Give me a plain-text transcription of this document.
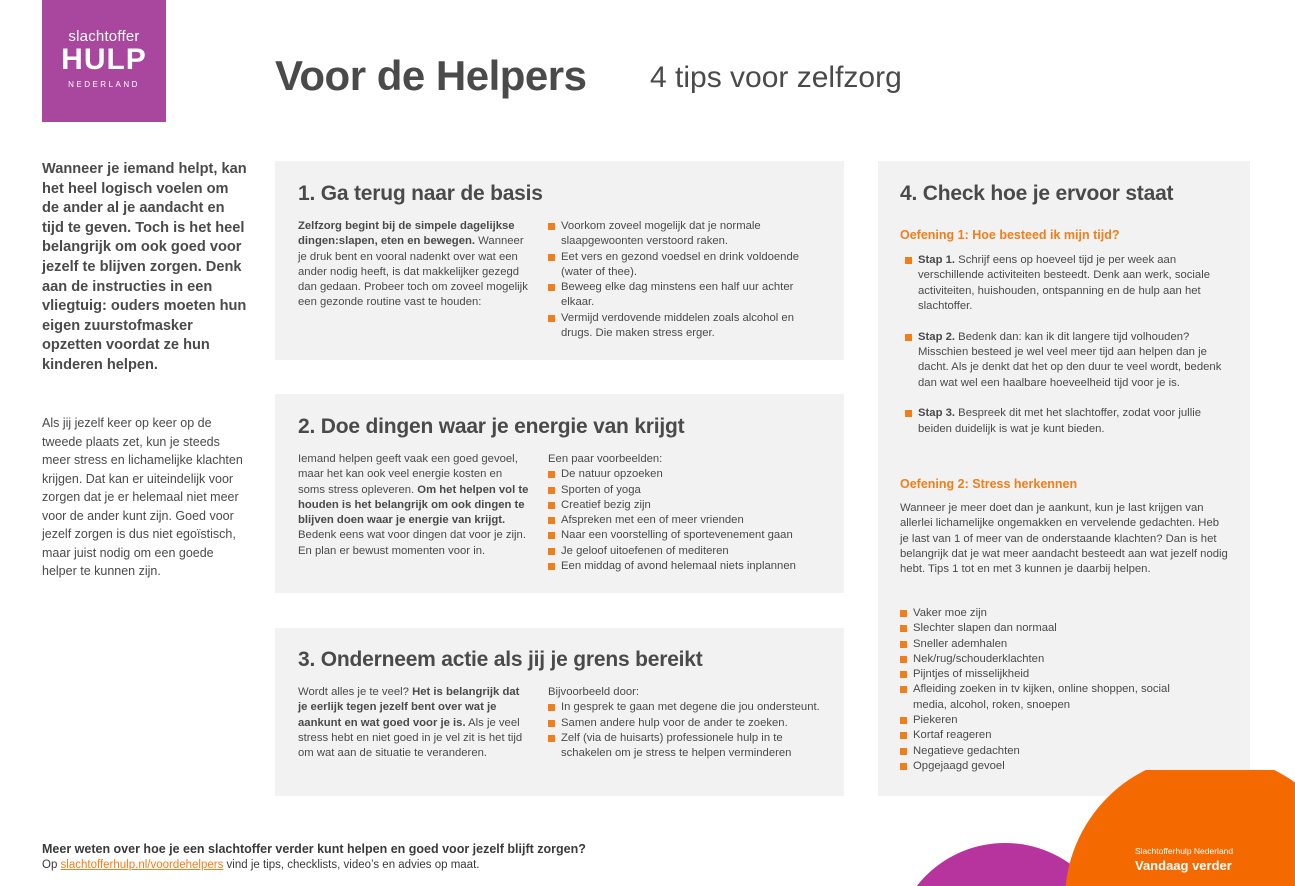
slachtoffer
HULP
NEDERLAND	Voor de Helpers 4 tips voor zelfzorg
Wanneer je iemand helpt, kan het heel logisch voelen om de ander al je aandacht en tijd te geven. Toch is het heel belangrijk om ook goed voor jezelf te blijven zorgen. Denk aan de instructies in een vliegtuig: ouders moeten hun eigen zuurstofmasker opzetten voordat ze hun kinderen helpen.
Als jij jezelf keer op keer op de tweede plaats zet, kun je steeds meer stress en lichamelijke klachten krijgen. Dat kan er uiteindelijk voor zorgen dat je er helemaal niet meer voor de ander kunt zijn. Goed voor jezelf zorgen is dus niet egoïstisch, maar juist nodig om een goede helper te kunnen zijn.
1. Ga terug naar de basis
Zelfzorg begint bij de simpele dagelijkse dingen:slapen, eten en bewegen. Wanneer je druk bent en vooral nadenkt over wat een ander nodig heeft, is dat makkelijker gezegd dan gedaan. Probeer toch om zoveel mogelijk een gezonde routine vast te houden:
Voorkom zoveel mogelijk dat je normale slaapgewoonten verstoord raken.
Eet vers en gezond voedsel en drink voldoende (water of thee).
Beweeg elke dag minstens een half uur achter elkaar.
Vermijd verdovende middelen zoals alcohol en drugs. Die maken stress erger.
2. Doe dingen waar je energie van krijgt
Iemand helpen geeft vaak een goed gevoel, maar het kan ook veel energie kosten en soms stress opleveren. Om het helpen vol te houden is het belangrijk om ook dingen te blijven doen waar je energie van krijgt. Bedenk eens wat voor dingen dat voor je zijn. En plan er bewust momenten voor in.
Een paar voorbeelden:
De natuur opzoeken
Sporten of yoga
Creatief bezig zijn
Afspreken met een of meer vrienden
Naar een voorstelling of sportevenement gaan
Je geloof uitoefenen of mediteren
Een middag of avond helemaal niets inplannen
3. Onderneem actie als jij je grens bereikt
Wordt alles je te veel? Het is belangrijk dat je eerlijk tegen jezelf bent over wat je aankunt en wat goed voor je is. Als je veel stress hebt en niet goed in je vel zit is het tijd om wat aan de situatie te veranderen.
Bijvoorbeeld door:
In gesprek te gaan met degene die jou ondersteunt.
Samen andere hulp voor de ander te zoeken.
Zelf (via de huisarts) professionele hulp in te schakelen om je stress te helpen verminderen
4. Check hoe je ervoor staat
Oefening 1: Hoe besteed ik mijn tijd?
Stap 1. Schrijf eens op hoeveel tijd je per week aan verschillende activiteiten besteedt. Denk aan werk, sociale activiteiten, huishouden, ontspanning en de hulp aan het slachtoffer.
Stap 2. Bedenk dan: kan ik dit langere tijd volhouden? Misschien besteed je wel veel meer tijd aan helpen dan je dacht. Als je denkt dat het op den duur te veel wordt, bedenk dan wat wel een haalbare hoeveelheid tijd voor je is.
Stap 3. Bespreek dit met het slachtoffer, zodat voor jullie beiden duidelijk is wat je kunt bieden.
Oefening 2: Stress herkennen
Wanneer je meer doet dan je aankunt, kun je last krijgen van allerlei lichamelijke ongemakken en vervelende gedachten. Heb je last van 1 of meer van de onderstaande klachten? Dan is het belangrijk dat je wat meer aandacht besteedt aan wat jezelf nodig hebt. Tips 1 tot en met 3 kunnen je daarbij helpen.
Vaker moe zijn
Slechter slapen dan normaal
Sneller ademhalen
Nek/rug/schouderklachten
Pijntjes of misselijkheid
Afleiding zoeken in tv kijken, online shoppen, social media, alcohol, roken, snoepen
Piekeren
Kortaf reageren
Negatieve gedachten
Opgejaagd gevoel
Meer weten over hoe je een slachtoffer verder kunt helpen en goed voor jezelf blijft zorgen?
Op slachtofferhulp.nl/voordehelpers vind je tips, checklists, video’s en advies op maat.
Slachtofferhulp Nederland
Vandaag verder
